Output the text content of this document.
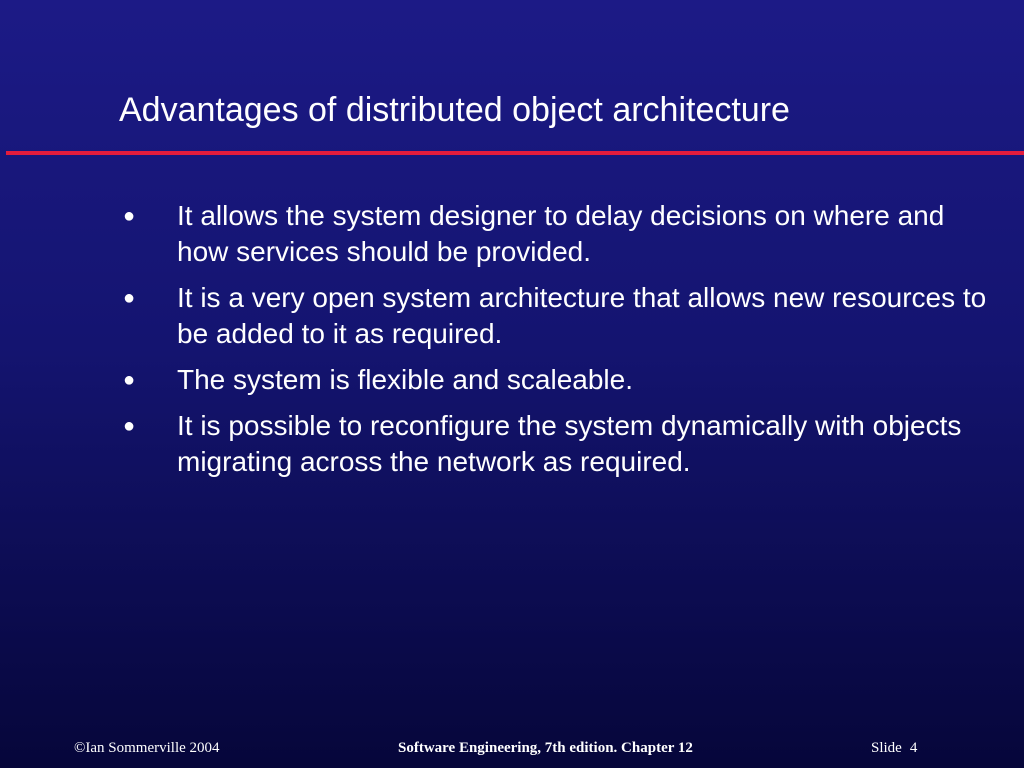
Advantages of distributed object architecture
● It allows the system designer to delay decisions on where and how services should be provided.
● It is a very open system architecture that allows new resources to be added to it as required.
● The system is flexible and scaleable.
● It is possible to reconfigure the system dynamically with objects migrating across the network as required.
©Ian Sommerville 2004	Software Engineering, 7th edition. Chapter 12	Slide 4
